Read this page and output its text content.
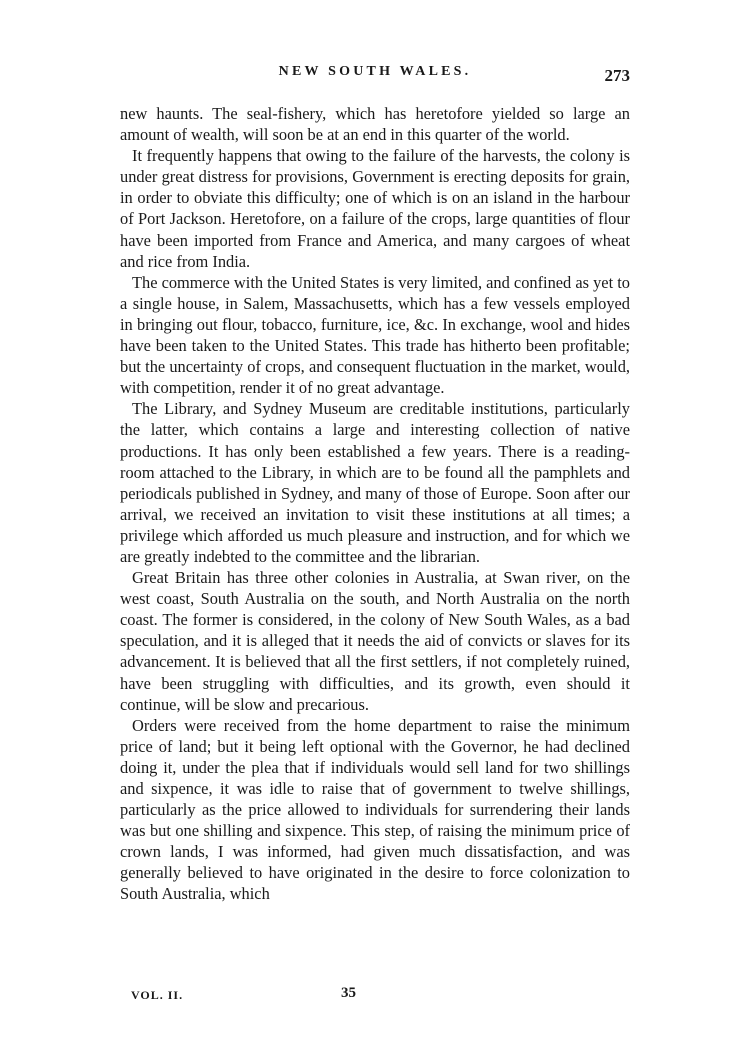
NEW SOUTH WALES.	273

new haunts. The seal-fishery, which has heretofore yielded so large an amount of wealth, will soon be at an end in this quarter of the world.

It frequently happens that owing to the failure of the harvests, the colony is under great distress for provisions, Government is erecting deposits for grain, in order to obviate this difficulty; one of which is on an island in the harbour of Port Jackson. Heretofore, on a failure of the crops, large quantities of flour have been imported from France and America, and many cargoes of wheat and rice from India.

The commerce with the United States is very limited, and confined as yet to a single house, in Salem, Massachusetts, which has a few vessels employed in bringing out flour, tobacco, furniture, ice, &c. In exchange, wool and hides have been taken to the United States. This trade has hitherto been profitable; but the uncertainty of crops, and consequent fluctuation in the market, would, with competition, render it of no great advantage.

The Library, and Sydney Museum are creditable institutions, particularly the latter, which contains a large and interesting collection of native productions. It has only been established a few years. There is a reading-room attached to the Library, in which are to be found all the pamphlets and periodicals published in Sydney, and many of those of Europe. Soon after our arrival, we received an invitation to visit these institutions at all times; a privilege which afforded us much pleasure and instruction, and for which we are greatly indebted to the committee and the librarian.

Great Britain has three other colonies in Australia, at Swan river, on the west coast, South Australia on the south, and North Australia on the north coast. The former is considered, in the colony of New South Wales, as a bad speculation, and it is alleged that it needs the aid of convicts or slaves for its advancement. It is believed that all the first settlers, if not completely ruined, have been struggling with difficulties, and its growth, even should it continue, will be slow and precarious.

Orders were received from the home department to raise the minimum price of land; but it being left optional with the Governor, he had declined doing it, under the plea that if individuals would sell land for two shillings and sixpence, it was idle to raise that of government to twelve shillings, particularly as the price allowed to individuals for surrendering their lands was but one shilling and sixpence. This step, of raising the minimum price of crown lands, I was informed, had given much dissatisfaction, and was generally believed to have originated in the desire to force colonization to South Australia, which

VOL. II.	35
